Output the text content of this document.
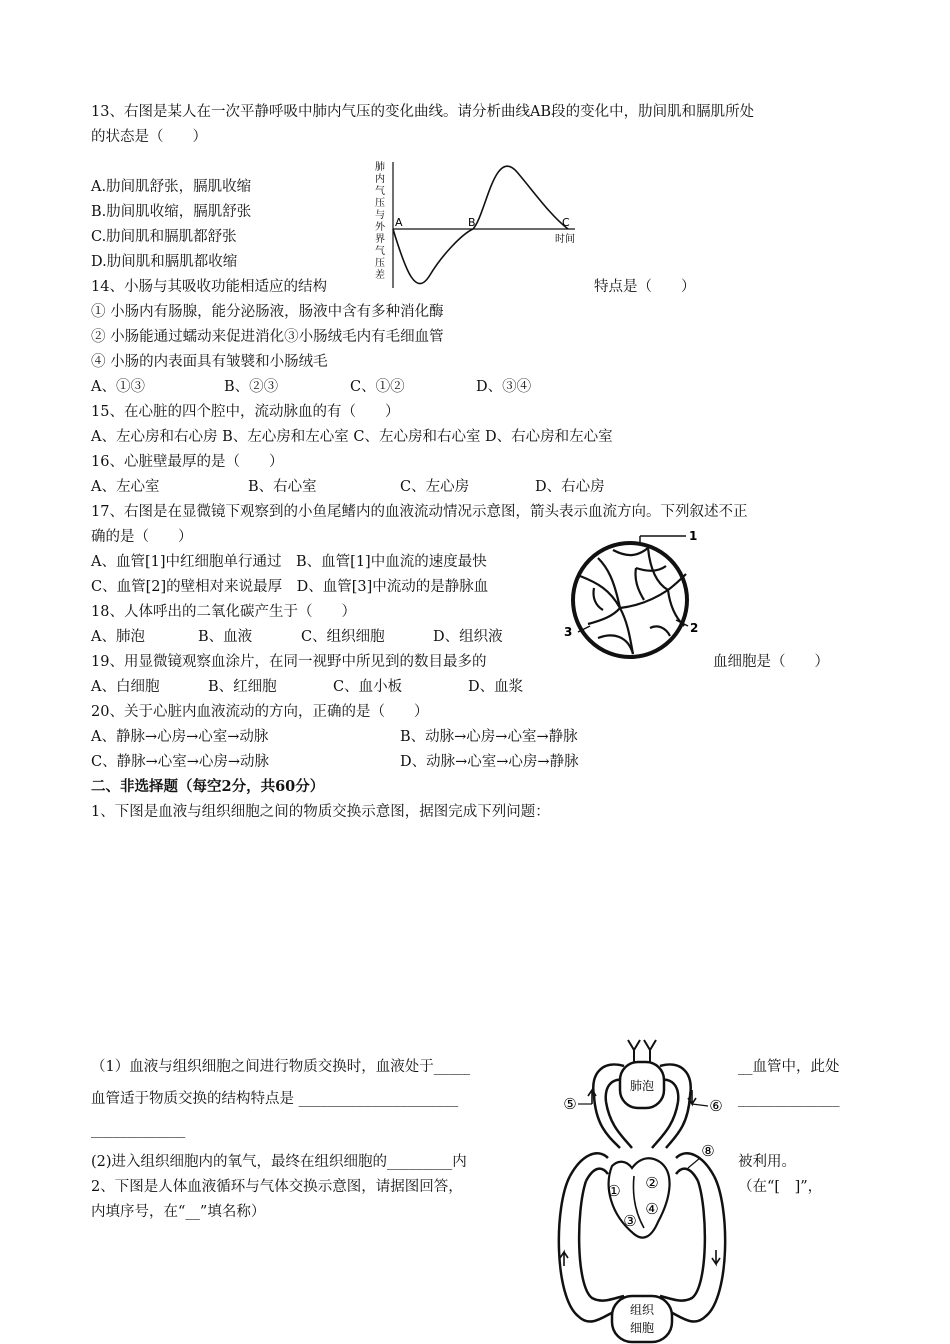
13、右图是某人在一次平静呼吸中肺内气压的变化曲线。请分析曲线AB段的变化中，肋间肌和膈肌所处
的状态是（　　）
A.肋间肌舒张，膈肌收缩
B.肋间肌收缩，膈肌舒张
C.肋间肌和膈肌都舒张
D.肋间肌和膈肌都收缩
肺
内
气
压
与
外
界
气
压
差
A	B	C
时间
14、小肠与其吸收功能相适应的结构	特点是（　　）
① 小肠内有肠腺，能分泌肠液，肠液中含有多种消化酶
② 小肠能通过蠕动来促进消化③小肠绒毛内有毛细血管
④ 小肠的内表面具有皱襞和小肠绒毛
A、①③	B、②③	C、①②	D、③④
15、在心脏的四个腔中，流动脉血的有（　　）
A、左心房和右心房 B、左心房和左心室 C、左心房和右心室 D、右心房和左心室
16、心脏壁最厚的是（　　）
A、左心室	B、右心室	C、左心房	D、右心房
17、右图是在显微镜下观察到的小鱼尾鳍内的血液流动情况示意图，箭头表示血流方向。下列叙述不正
确的是（　　）
A、血管[1]中红细胞单行通过　B、血管[1]中血流的速度最快
C、血管[2]的壁相对来说最厚　D、血管[3]中流动的是静脉血
1
2
3
18、人体呼出的二氧化碳产生于（　　）
A、肺泡	B、血液	C、组织细胞	D、组织液
19、用显微镜观察血涂片，在同一视野中所见到的数目最多的	血细胞是（　　）
A、白细胞	B、红细胞	C、血小板	D、血浆
20、关于心脏内血液流动的方向，正确的是（　　）
A、静脉→心房→心室→动脉	B、动脉→心房→心室→静脉
C、静脉→心室→心房→动脉	D、动脉→心室→心房→静脉
二、非选择题（每空2分，共60分）
1、下图是血液与组织细胞之间的物质交换示意图，据图完成下列问题：
（1）血液与组织细胞之间进行物质交换时，血液处于_____	__血管中，此处
血管适于物质交换的结构特点是 ______________________	______________
_____________
(2)进入组织细胞内的氧气，最终在组织细胞的_________内	被利用。
2、下图是人体血液循环与气体交换示意图，请据图回答，	（在“[　]”，
内填序号，在“__”填名称）
肺泡
组织
细胞
⑤	⑥
⑧
① ②
③
④
